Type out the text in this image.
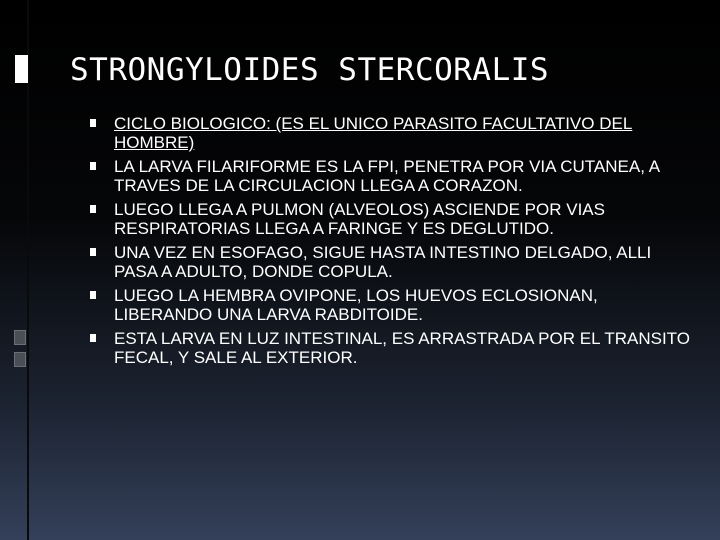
STRONGYLOIDES STERCORALIS
CICLO BIOLOGICO: (ES EL UNICO PARASITO FACULTATIVO DEL HOMBRE)
LA LARVA FILARIFORME ES LA FPI, PENETRA POR VIA CUTANEA, A TRAVES DE LA CIRCULACION LLEGA A CORAZON.
LUEGO LLEGA A PULMON (ALVEOLOS) ASCIENDE POR VIAS RESPIRATORIAS LLEGA A FARINGE Y ES DEGLUTIDO.
UNA VEZ EN ESOFAGO, SIGUE HASTA INTESTINO DELGADO, ALLI PASA A ADULTO, DONDE COPULA.
LUEGO LA HEMBRA OVIPONE, LOS HUEVOS ECLOSIONAN, LIBERANDO UNA LARVA RABDITOIDE.
ESTA LARVA EN LUZ INTESTINAL, ES ARRASTRADA POR EL TRANSITO FECAL, Y SALE AL EXTERIOR.
